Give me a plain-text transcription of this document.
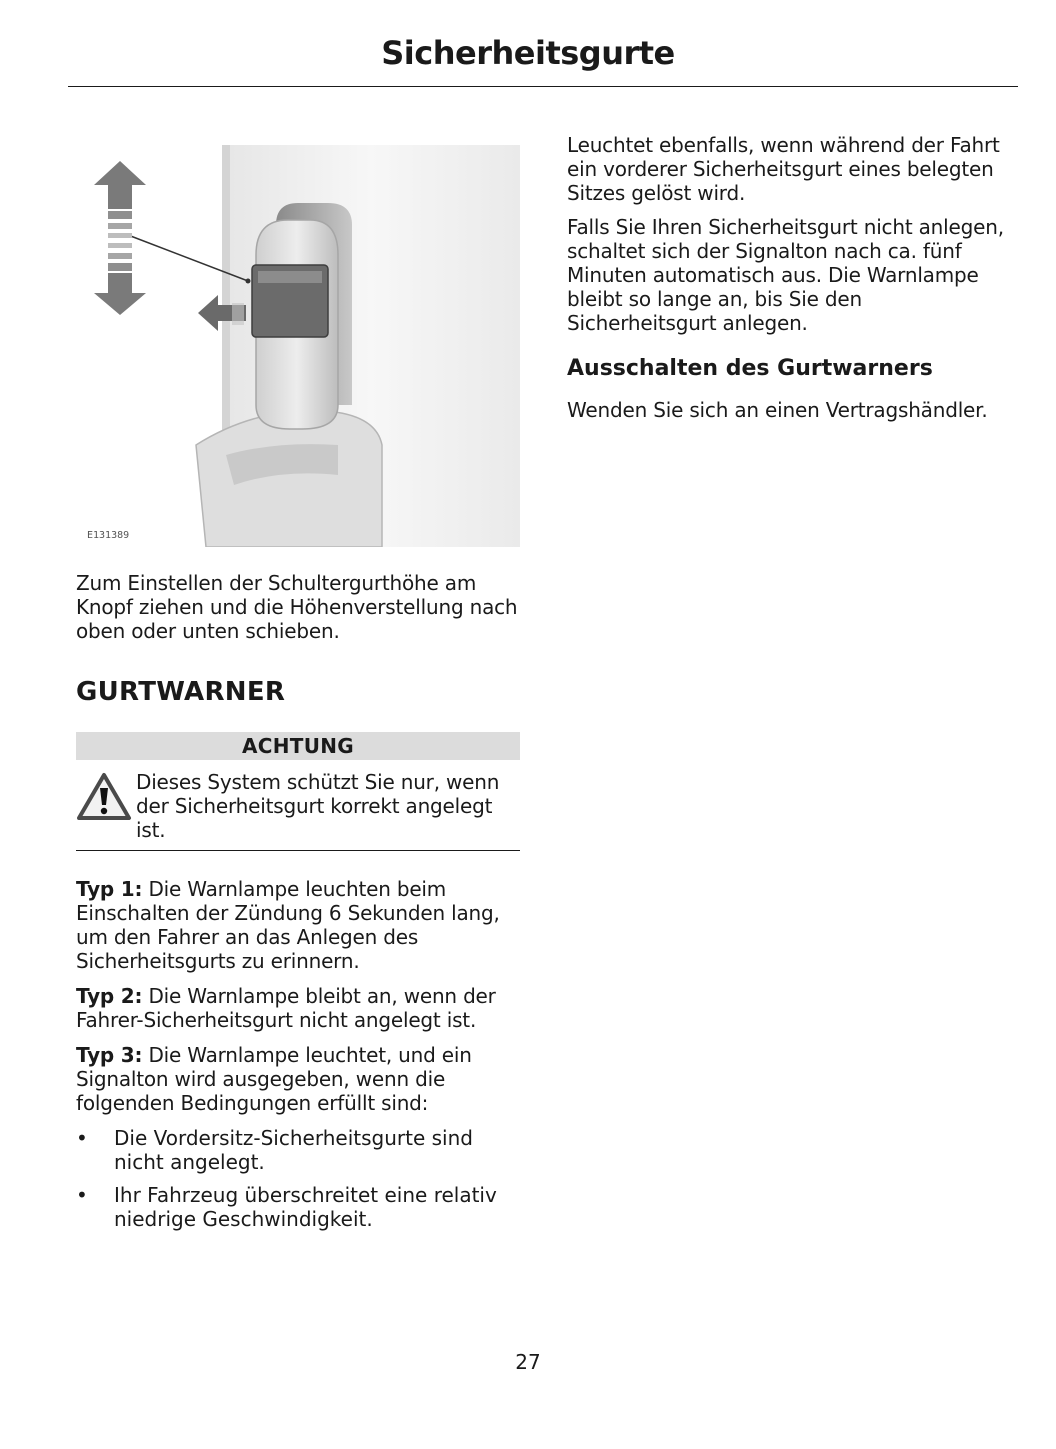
Sicherheitsgurte
E131389

Zum Einstellen der Schultergurthöhe am Knopf ziehen und die Höhenverstellung nach oben oder unten schieben.

GURTWARNER
ACHTUNG

Dieses System schützt Sie nur, wenn der Sicherheitsgurt korrekt angelegt ist.

Typ 1: Die Warnlampe leuchten beim Einschalten der Zündung 6 Sekunden lang, um den Fahrer an das Anlegen des Sicherheitsgurts zu erinnern.

Typ 2: Die Warnlampe bleibt an, wenn der Fahrer-Sicherheitsgurt nicht angelegt ist.

Typ 3: Die Warnlampe leuchtet, und ein Signalton wird ausgegeben, wenn die folgenden Bedingungen erfüllt sind:

• Die Vordersitz-Sicherheitsgurte sind nicht angelegt.
• Ihr Fahrzeug überschreitet eine relativ niedrige Geschwindigkeit.

Leuchtet ebenfalls, wenn während der Fahrt ein vorderer Sicherheitsgurt eines belegten Sitzes gelöst wird.

Falls Sie Ihren Sicherheitsgurt nicht anlegen, schaltet sich der Signalton nach ca. fünf Minuten automatisch aus. Die Warnlampe bleibt so lange an, bis Sie den Sicherheitsgurt anlegen.

Ausschalten des Gurtwarners

Wenden Sie sich an einen Vertragshändler.

27
